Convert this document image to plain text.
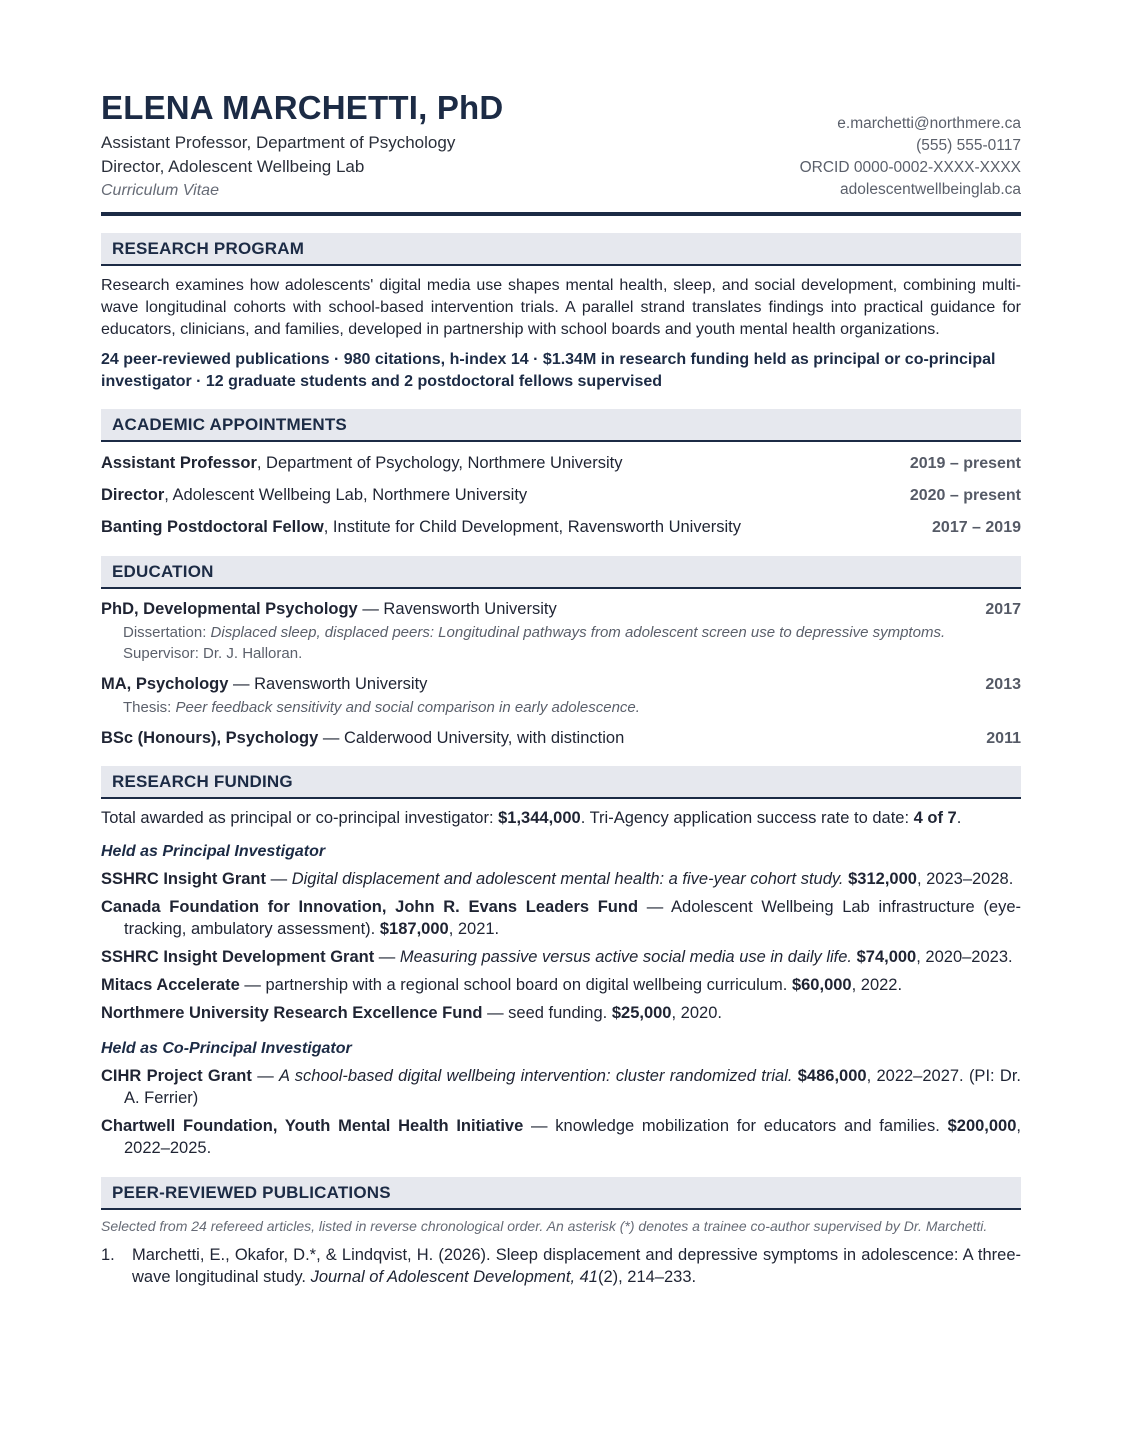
ELENA MARCHETTI, PhD
Assistant Professor, Department of Psychology
Director, Adolescent Wellbeing Lab
Curriculum Vitae
e.marchetti@northmere.ca
(555) 555-0117
ORCID 0000-0002-XXXX-XXXX
adolescentwellbeinglab.ca
RESEARCH PROGRAM

Research examines how adolescents' digital media use shapes mental health, sleep, and social development, combining multi-wave longitudinal cohorts with school-based intervention trials. A parallel strand translates findings into practical guidance for educators, clinicians, and families, developed in partnership with school boards and youth mental health organizations.

24 peer-reviewed publications · 980 citations, h-index 14 · $1.34M in research funding held as principal or co-principal investigator · 12 graduate students and 2 postdoctoral fellows supervised

ACADEMIC APPOINTMENTS
Assistant Professor, Department of Psychology, Northmere University	2019 – present
Director, Adolescent Wellbeing Lab, Northmere University	2020 – present
Banting Postdoctoral Fellow, Institute for Child Development, Ravensworth University	2017 – 2019
EDUCATION
PhD, Developmental Psychology — Ravensworth University	2017
Dissertation: Displaced sleep, displaced peers: Longitudinal pathways from adolescent screen use to depressive symptoms. Supervisor: Dr. J. Halloran.
MA, Psychology — Ravensworth University	2013
Thesis: Peer feedback sensitivity and social comparison in early adolescence.
BSc (Honours), Psychology — Calderwood University, with distinction	2011
RESEARCH FUNDING

Total awarded as principal or co-principal investigator: $1,344,000. Tri-Agency application success rate to date: 4 of 7.

Held as Principal Investigator

SSHRC Insight Grant — Digital displacement and adolescent mental health: a five-year cohort study. $312,000, 2023–2028.

Canada Foundation for Innovation, John R. Evans Leaders Fund — Adolescent Wellbeing Lab infrastructure (eye-tracking, ambulatory assessment). $187,000, 2021.

SSHRC Insight Development Grant — Measuring passive versus active social media use in daily life. $74,000, 2020–2023.

Mitacs Accelerate — partnership with a regional school board on digital wellbeing curriculum. $60,000, 2022.

Northmere University Research Excellence Fund — seed funding. $25,000, 2020.

Held as Co-Principal Investigator

CIHR Project Grant — A school-based digital wellbeing intervention: cluster randomized trial. $486,000, 2022–2027. (PI: Dr. A. Ferrier)

Chartwell Foundation, Youth Mental Health Initiative — knowledge mobilization for educators and families. $200,000, 2022–2025.

PEER-REVIEWED PUBLICATIONS

Selected from 24 refereed articles, listed in reverse chronological order. An asterisk (*) denotes a trainee co-author supervised by Dr. Marchetti.

1.	Marchetti, E., Okafor, D.*, & Lindqvist, H. (2026). Sleep displacement and depressive symptoms in adolescence: A three-wave longitudinal study. Journal of Adolescent Development, 41(2), 214–233.
